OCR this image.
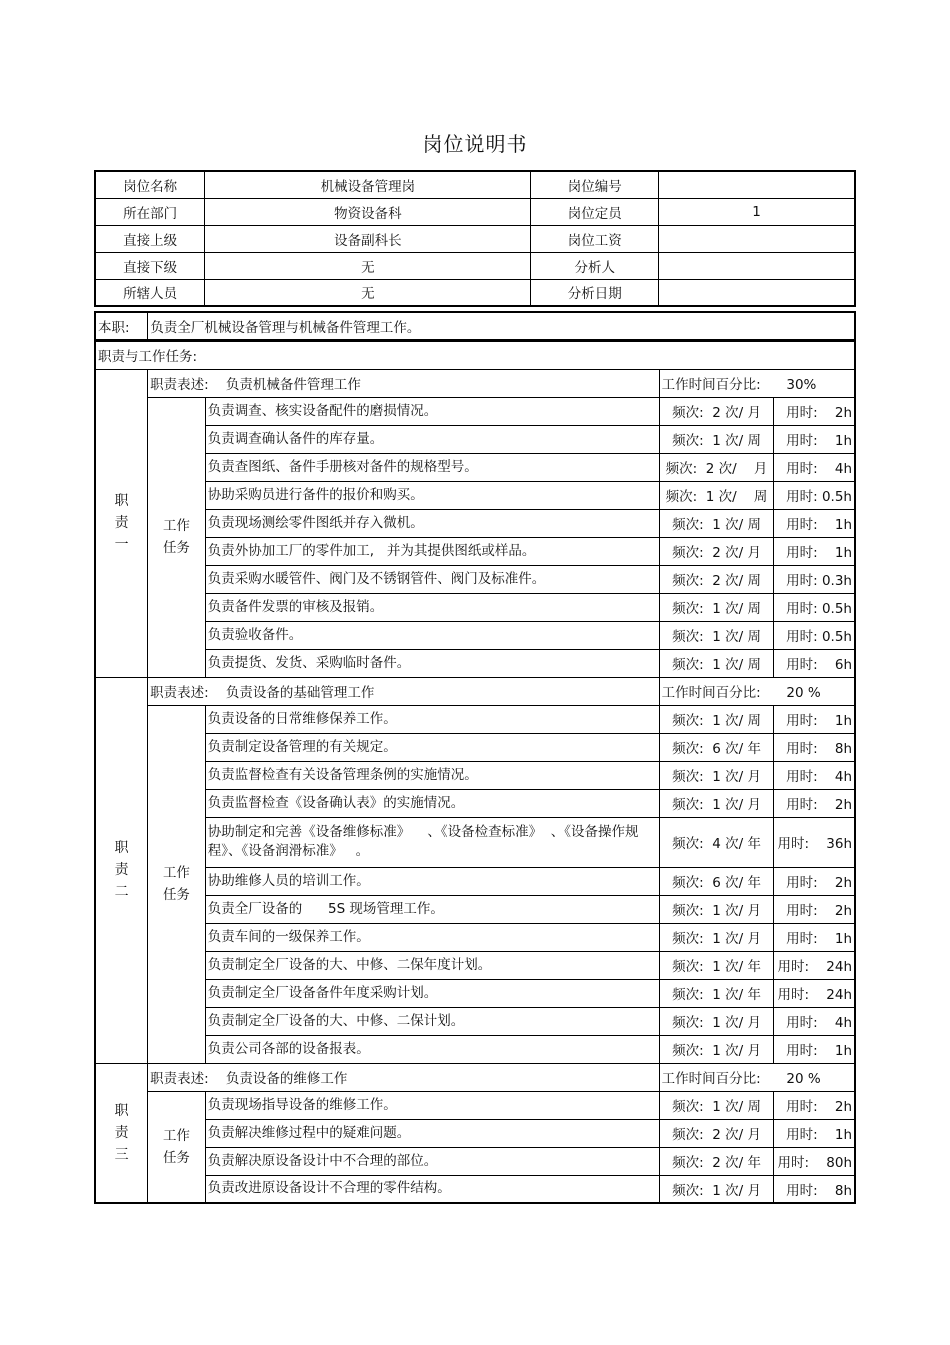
岗位说明书
岗位名称	机械设备管理岗	岗位编号	
所在部门	物资设备科	岗位定员	1
直接上级	设备副科长	岗位工资	
直接下级	无	分析人	
所辖人员	无	分析日期	
本职:	负责全厂机械设备管理与机械备件管理工作。
职责与工作任务:				
职
责
一	职责表述:    负责机械备件管理工作		工作时间百分比:      30%	
	工作
任务	负责调查、核实设备配件的磨损情况。	频次:  2 次/ 月	用时:    2h
		负责调查确认备件的库存量。	频次:  1 次/ 周	用时:    1h
		负责查图纸、备件手册核对备件的规格型号。	频次:  2 次/    月	用时:    4h
		协助采购员进行备件的报价和购买。	频次:  1 次/    周	用时: 0.5h
		负责现场测绘零件图纸并存入微机。	频次:  1 次/ 周	用时:    1h
		负责外协加工厂的零件加工,   并为其提供图纸或样品。	频次:  2 次/ 月	用时:    1h
		负责采购水暖管件、阀门及不锈钢管件、阀门及标准件。	频次:  2 次/ 周	用时: 0.3h
		负责备件发票的审核及报销。	频次:  1 次/ 周	用时: 0.5h
		负责验收备件。	频次:  1 次/ 周	用时: 0.5h
		负责提货、发货、采购临时备件。	频次:  1 次/ 周	用时:    6h
职
责
二	职责表述:    负责设备的基础管理工作		工作时间百分比:      20 %	
	工作
任务	负责设备的日常维修保养工作。	频次:  1 次/ 周	用时:    1h
		负责制定设备管理的有关规定。	频次:  6 次/ 年	用时:    8h
		负责监督检查有关设备管理条例的实施情况。	频次:  1 次/ 月	用时:    4h
		负责监督检查《设备确认表》的实施情况。	频次:  1 次/ 月	用时:    2h
		协助制定和完善《设备维修标准》    、《设备检查标准》  、《设备操作规程》、《设备润滑标准》   。	频次:  4 次/ 年	用时:    36h
		协助维修人员的培训工作。	频次:  6 次/ 年	用时:    2h
		负责全厂设备的      5S 现场管理工作。	频次:  1 次/ 月	用时:    2h
		负责车间的一级保养工作。	频次:  1 次/ 月	用时:    1h
		负责制定全厂设备的大、中修、二保年度计划。	频次:  1 次/ 年	用时:    24h
		负责制定全厂设备备件年度采购计划。	频次:  1 次/ 年	用时:    24h
		负责制定全厂设备的大、中修、二保计划。	频次:  1 次/ 月	用时:    4h
		负责公司各部的设备报表。	频次:  1 次/ 月	用时:    1h
职
责
三	职责表述:    负责设备的维修工作		工作时间百分比:      20 %	
	工作
任务	负责现场指导设备的维修工作。	频次:  1 次/ 周	用时:    2h
		负责解决维修过程中的疑难问题。	频次:  2 次/ 月	用时:    1h
		负责解决原设备设计中不合理的部位。	频次:  2 次/ 年	用时:    80h
		负责改进原设备设计不合理的零件结构。	频次:  1 次/ 月	用时:    8h
